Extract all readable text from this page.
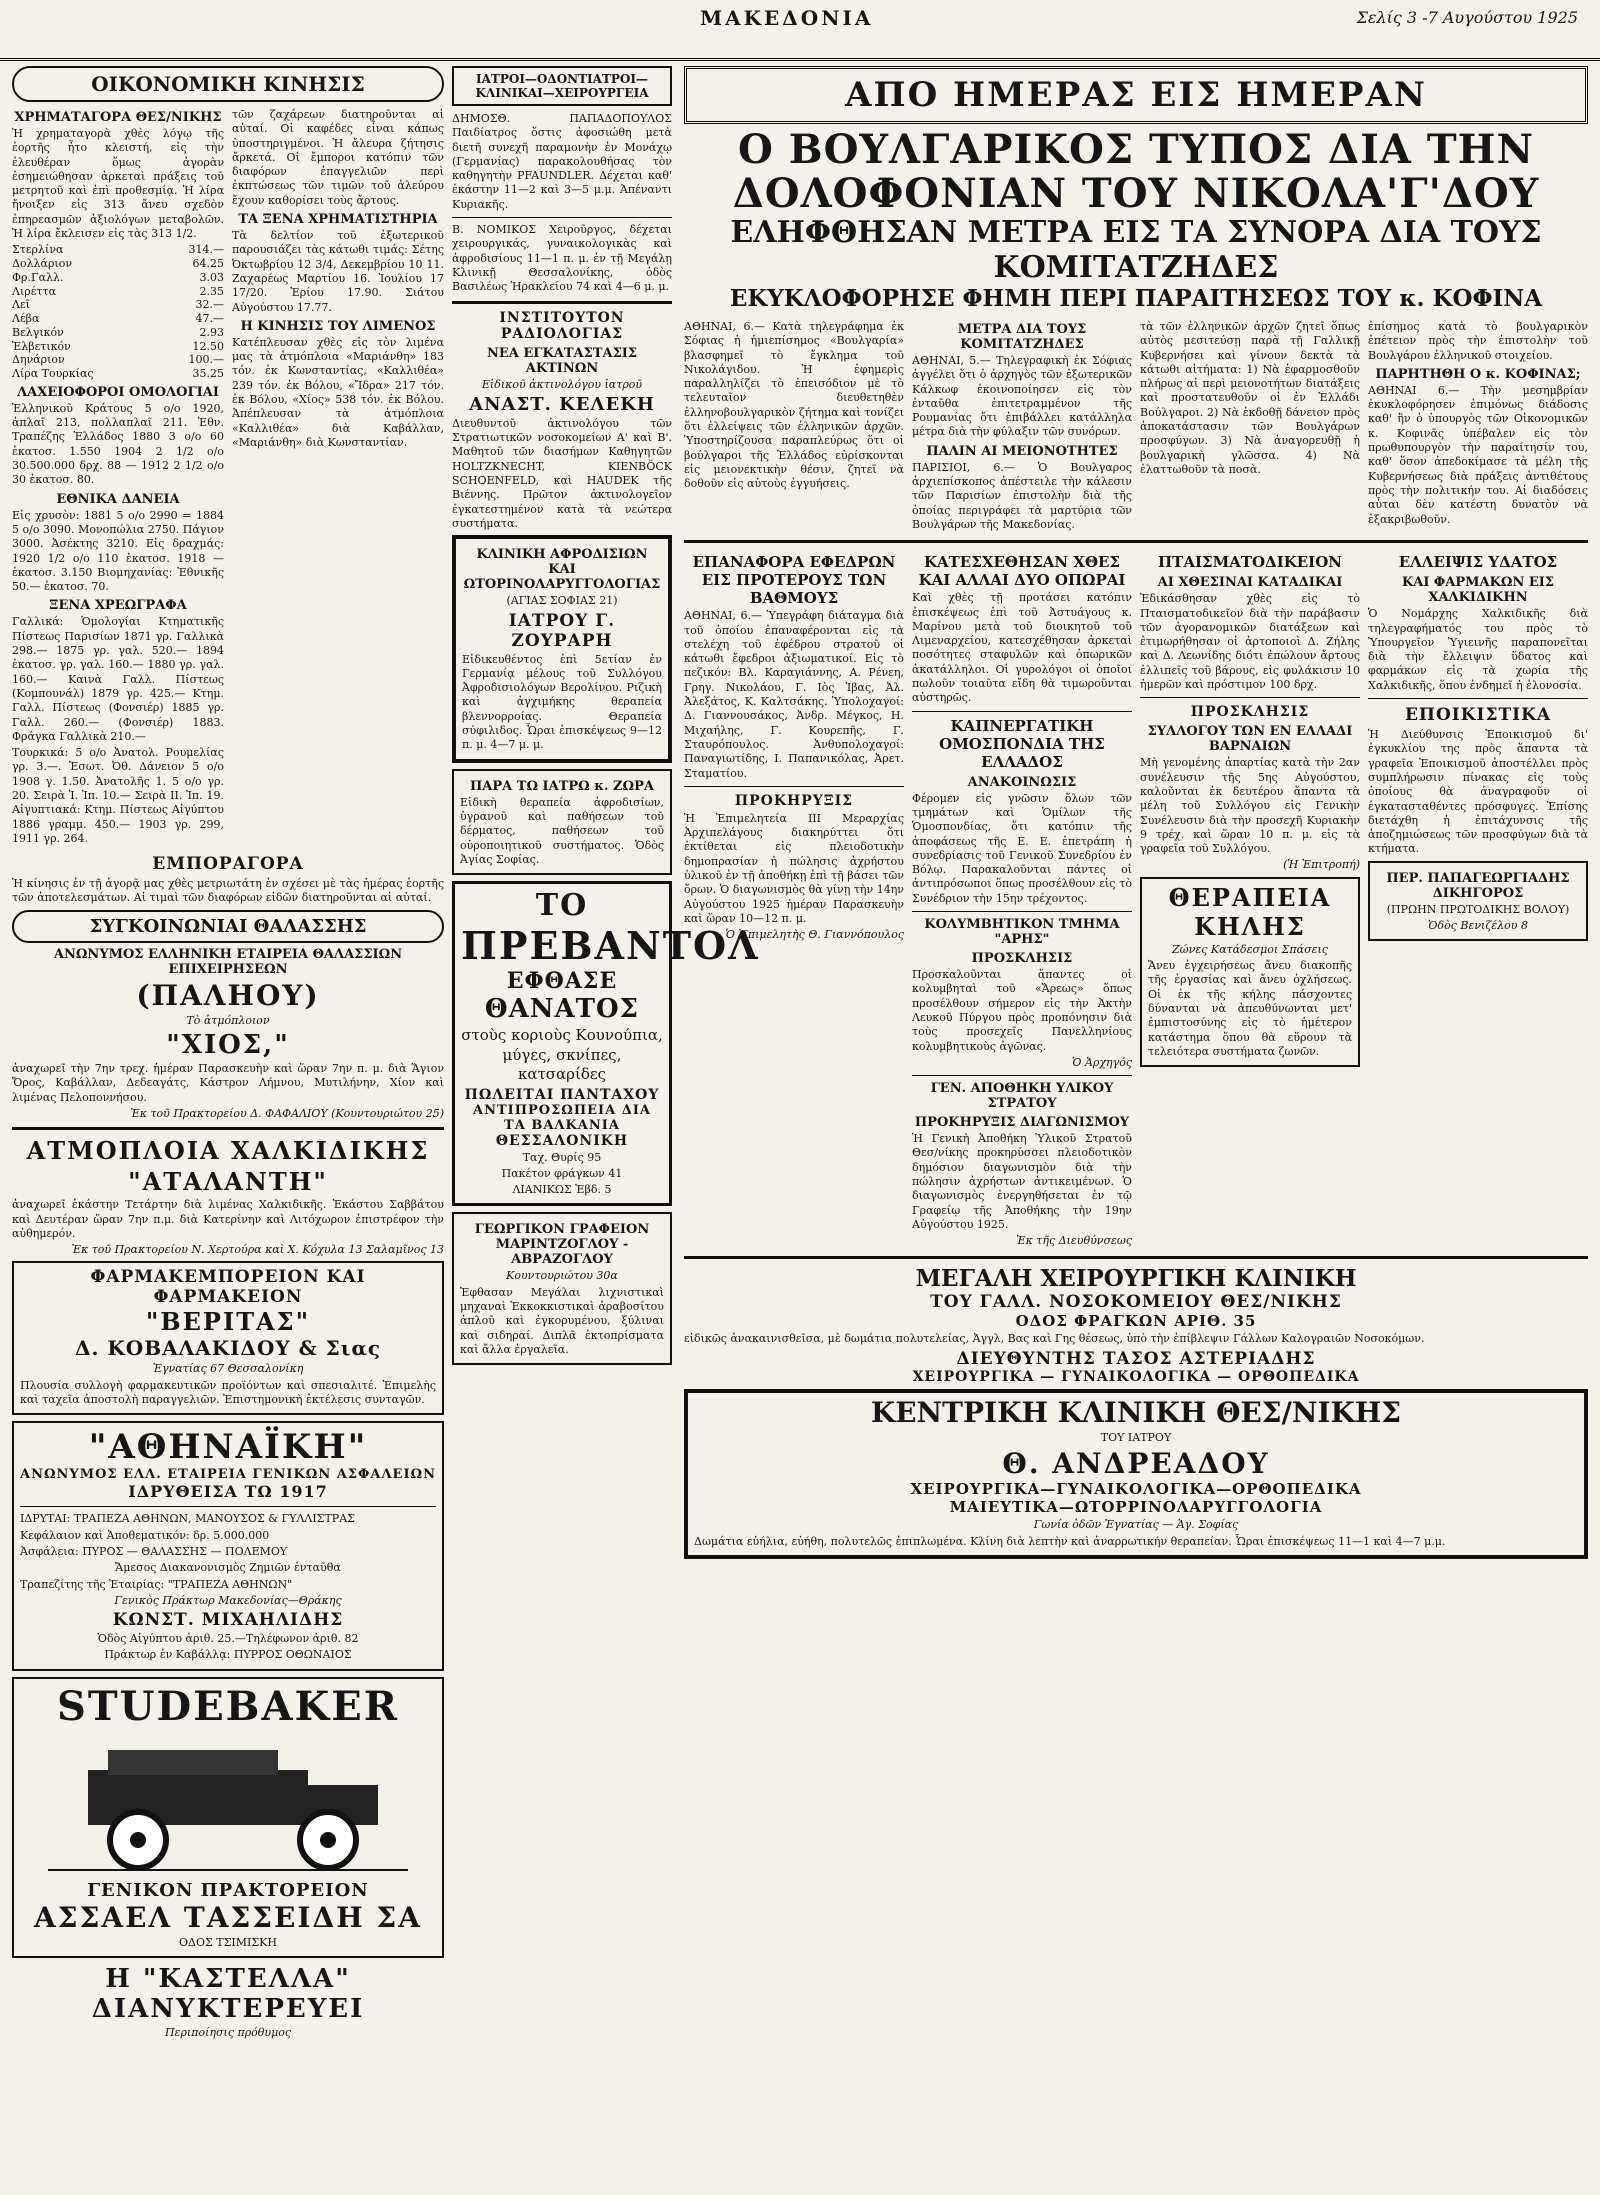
ΜΑΚΕΔΟΝΙΑ	Σελίς 3 -7 Αυγούστου 1925
ΟΙΚΟΝΟΜΙΚΗ ΚΙΝΗΣΙΣ
ΧΡΗΜΑΤΑΓΟΡΑ ΘΕΣ/ΝΙΚΗΣ
Ἡ χρηματαγορὰ χθὲς λόγῳ τῆς ἑορτῆς ἦτο κλειστή, εἰς τὴν ἐλευθέραν ὅμως ἀγορὰν ἐσημειώθησαν ἀρκεταὶ πράξεις τοῦ μετρητοῦ καὶ ἐπὶ προθεσμίᾳ. Ἡ λίρα ἤνοιξεν εἰς 313 ἄνευ σχεδὸν ἐπηρεασμῶν ἀξιολόγων μεταβολῶν. Ἡ λίρα ἔκλεισεν εἰς τὰς 313 1/2.
Στερλίνα	314.—
Δολλάριον	64.25
Φρ.Γαλλ.	3.03
Λιρέττα	2.35
Λεῖ	32.—
Λέβα	47.—
Βελγικόν	2.93
Ἑλβετικόν	12.50
Δηνάριον	100.—
Λίρα Τουρκίας	35.25
ΛΑΧΕΙΟΦΟΡΟΙ ΟΜΟΛΟΓΙΑΙ
Ἑλληνικοῦ Κράτους 5 ο/ο 1920, ἀπλαῖ 213, πολλαπλαῖ 211. Ἐθν. Τραπέζης Ἑλλάδος 1880 3 ο/ο 60 ἑκατοσ. 1.550 1904 2 1/2 ο/ο 30.500.000 δρχ. 88 — 1912 2 1/2 ο/ο 30 ἑκατοσ. 80.
ΕΘΝΙΚΑ ΔΑΝΕΙΑ
Εἰς χρυσὸν: 1881 5 ο/ο 2990 = 1884 5 ο/ο 3090. Μονοπώλια 2750. Πάγιον 3000. Ἀσέκτης 3210. Εἰς δραχμάς: 1920 1/2 ο/ο 110 ἑκατοσ. 1918 — ἑκατοσ. 3.150 Βιομηχανίας: Ἐθνικῆς 50.— ἑκατοσ. 70.
ΞΕΝΑ ΧΡΕΩΓΡΑΦΑ
Γαλλικά: Ὁμολογίαι Κτηματικῆς Πίστεως Παρισίων 1871 γρ. Γαλλικὰ 298.— 1875 γρ. γαλ. 520.— 1894 ἑκατοσ. γρ. γαλ. 160.— 1880 γρ. γαλ. 160.— Καινὰ Γαλλ. Πίστεως (Κομπουνάλ) 1879 γρ. 425.— Κτημ. Γαλλ. Πίστεως (Φονσιέρ) 1885 γρ. Γαλλ. 260.— (Φονσιέρ) 1883. Φράγκα Γαλλικὰ 210.—
Τουρκικά: 5 ο/ο Ἀνατολ. Ρουμελίας γρ. 3.—. Ἑσωτ. Ὀθ. Δάνειον 5 ο/ο 1908 γ. 1.50. Ἀνατολῆς 1. 5 ο/ο γρ. 20. Σειρὰ Ἰ. Ἰπ. 10.— Σειρὰ ΙΙ. Ἰπ. 19. Αἰγυπτιακά: Κτημ. Πίστεως Αἰγύπτου 1886 γραμμ. 450.— 1903 γρ. 299, 1911 γρ. 264.
τῶν ζαχάρεων διατηροῦνται αἱ αὐταί. Οἱ καφέδες εἶναι κάπως ὑποστηριγμένοι. Ἡ ἄλευρα ζήτησις ἄρκετά. Οἱ ἔμποροι κατόπιν τῶν διαφόρων ἐπαγγελιῶν περὶ ἐκπτώσεως τῶν τιμῶν τοῦ ἀλεύρου ἔχουν καθορίσει τοὺς ἄρτους.
ΤΑ ΞΕΝΑ ΧΡΗΜΑΤΙΣΤΗΡΙΑ
Τὰ δελτίον τοῦ ἐξωτερικοῦ παρουσιάζει τὰς κάτωθι τιμάς: Σέτης Ὀκτωβρίου 12 3/4, Δεκεμβρίου 10 11. Ζαχαρέως Μαρτίου 16. Ἰουλίου 17 17/20. Ἐρίου 17.90. Σιάτου Αὐγούστου 17.77.
Η ΚΙΝΗΣΙΣ ΤΟΥ ΛΙΜΕΝΟΣ
Κατέπλευσαν χθὲς εἰς τὸν λιμένα μας τὰ ἀτμόπλοια «Μαριάνθη» 183 τόν. ἐκ Κωνσταντίας, «Καλλιθέα» 239 τόν. ἐκ Βόλου, «Ἴδρα» 217 τόν. ἐκ Βόλου, «Χίος» 538 τόν. ἐκ Βόλου. Ἀπέπλευσαν τὰ ἀτμόπλοια «Καλλιθέα» διὰ Καβάλλαν, «Μαριάνθη» διὰ Κωνσταντίαν.
ΕΜΠΟΡΑΓΟΡΑ
Ἡ κίνησις ἐν τῇ ἀγορᾷ μας χθὲς μετριωτάτη ἐν σχέσει μὲ τὰς ἡμέρας ἑορτῆς τῶν ἀποτελεσμάτων. Αἱ τιμαὶ τῶν διαφόρων εἰδῶν διατηροῦνται αἱ αὐταί.
ΣΥΓΚΟΙΝΩΝΙΑΙ ΘΑΛΑΣΣΗΣ
ΑΝΩΝΥΜΟΣ ΕΛΛΗΝΙΚΗ ΕΤΑΙΡΕΙΑ ΘΑΛΑΣΣΙΩΝ ΕΠΙΧΕΙΡΗΣΕΩΝ
(ΠΑΛΗΟΥ)
Τὸ ἀτμόπλοιον
"ΧΙΟΣ,"
ἀναχωρεῖ τὴν 7ην τρεχ. ἡμέραν Παρασκευὴν καὶ ὥραν 7ην π. μ. διὰ Ἅγιον Ὄρος, Καβάλλαν, Δεδεαγάτς, Κάστρον Λήμνου, Μυτιλήνην, Χίον καὶ λιμένας Πελοποννήσου.
Ἐκ τοῦ Πρακτορείου Δ. ΦΑΦΑΛΙΟΥ (Κουντουριώτου 25)
ΑΤΜΟΠΛΟΙΑ ΧΑΛΚΙΔΙΚΗΣ
"ΑΤΑΛΑΝΤΗ"
ἀναχωρεῖ ἑκάστην Τετάρτην διὰ λιμένας Χαλκιδικῆς. Ἑκάστου Σαββάτου καὶ Δευτέραν ὥραν 7ην π.μ. διὰ Κατερίνην καὶ Λιτόχωρον ἐπιστρέφον τὴν αὐθημερόν.
Ἐκ τοῦ Πρακτορείου Ν. Χερτούρα καὶ Χ. Κόχυλα 13 Σαλαμῖνος 13
ΦΑΡΜΑΚΕΜΠΟΡΕΙΟΝ ΚΑΙ ΦΑΡΜΑΚΕΙΟΝ
"ΒΕΡΙΤΑΣ"
Δ. ΚΟΒΑΛΑΚΙΔΟΥ & Σιας
Ἐγνατίας 67 Θεσσαλονίκη
Πλουσία συλλογὴ φαρμακευτικῶν προϊόντων καὶ σπεσιαλιτέ. Ἐπιμελὴς καὶ ταχεῖα ἀποστολὴ παραγγελιῶν. Ἐπιστημονικὴ ἐκτέλεσις συνταγῶν.
"ΑΘΗΝΑΪΚΗ"
ΑΝΩΝΥΜΟΣ ΕΛΛ. ΕΤΑΙΡΕΙΑ ΓΕΝΙΚΩΝ ΑΣΦΑΛΕΙΩΝ
ΙΔΡΥΘΕΙΣΑ ΤΩ 1917
ΙΔΡΥΤΑΙ: ΤΡΑΠΕΖΑ ΑΘΗΝΩΝ, ΜΑΝΟΥΣΟΣ & ΓΥΛΛΙΣΤΡΑΣ
Κεφάλαιον καὶ Ἀποθεματικόν: δρ. 5.000.000
Ἀσφάλεια: ΠΥΡΟΣ — ΘΑΛΑΣΣΗΣ — ΠΟΛΕΜΟΥ
Ἄμεσος Διακανονισμὸς Ζημιῶν ἐνταῦθα
Τραπεζίτης τῆς Ἑταιρίας: "ΤΡΑΠΕΖΑ ΑΘΗΝΩΝ"
Γενικὸς Πράκτωρ Μακεδονίας—Θράκης
ΚΩΝΣΤ. ΜΙΧΑΗΛΙΔΗΣ
Ὁδὸς Αἰγύπτου ἀριθ. 25.—Τηλέφωνον ἀριθ. 82
Πράκτωρ ἐν Καβάλλᾳ: ΠΥΡΡΟΣ ΟΘΩΝΑΙΟΣ
STUDEBAKER
ΓΕΝΙΚΟΝ ΠΡΑΚΤΟΡΕΙΟΝ
ΑΣΣΑΕΛ ΤΑΣΣΕΙΔΗ ΣΑ
ΟΔΟΣ ΤΣΙΜΙΣΚΗ
Η "ΚΑΣΤΕΛΛΑ" ΔΙΑΝΥΚΤΕΡΕΥΕΙ
Περιποίησις πρόθυμος
ΙΑΤΡΟΙ—ΟΔΟΝΤΙΑΤΡΟΙ—ΚΛΙΝΙΚΑΙ—ΧΕΙΡΟΥΡΓΕΙΑ
ΔΗΜΟΣΘ. ΠΑΠΑΔΟΠΟΥΛΟΣ Παιδίατρος ὅστις ἀφοσιώθη μετὰ διετῆ συνεχῆ παραμονὴν ἐν Μονάχῳ (Γερμανίας) παρακολουθήσας τὸν καθηγητὴν PFAUNDLER. Δέχεται καθ' ἑκάστην 11—2 καὶ 3—5 μ.μ. Ἀπέναντι Κυριακῆς.
Β. ΝΟΜΙΚΟΣ Χειροῦργος, δέχεται χειρουργικάς, γυναικολογικὰς καὶ ἀφροδισίους 11—1 π. μ. ἐν τῇ Μεγάλῃ Κλινικῇ Θεσσαλονίκης, ὁδὸς Βασιλέως Ἡρακλείου 74 καὶ 4—6 μ. μ.
ΙΝΣΤΙΤΟΥΤΟΝ ΡΑΔΙΟΛΟΓΙΑΣ
ΝΕΑ ΕΓΚΑΤΑΣΤΑΣΙΣ ΑΚΤΙΝΩΝ
Εἰδικοῦ ἀκτινολόγου ἰατροῦ
ΑΝΑΣΤ. ΚΕΛΕΚΗ
Διευθυντοῦ ἀκτινολόγου τῶν Στρατιωτικῶν νοσοκομείων Α' καὶ Β'. Μαθητοῦ τῶν διασήμων Καθηγητῶν HOLTZKNECHT, KIENBÖCK SCHOENFELD, καὶ HAUDEK τῆς Βιέννης. Πρῶτον ἀκτινολογεῖον ἐγκατεστημένον κατὰ τὰ νεώτερα συστήματα.
ΚΛΙΝΙΚΗ ΑΦΡΟΔΙΣΙΩΝ ΚΑΙ ΩΤΟΡΙΝΟΛΑΡΥΓΓΟΛΟΓΙΑΣ
(ΑΓΙΑΣ ΣΟΦΙΑΣ 21)
ΙΑΤΡΟΥ Γ. ΖΟΥΡΑΡΗ
Εἰδικευθέντος ἐπὶ 5ετίαν ἐν Γερμανίᾳ μέλους τοῦ Συλλόγου Ἀφροδισιολόγων Βερολίνου. Ριζικὴ καὶ ἀγχιμήκης θεραπεία βλεννορροίας. Θεραπεία σύφιλιδος. Ὧραι ἐπισκέψεως 9—12 π. μ. 4—7 μ. μ.
ΠΑΡΑ ΤΩ ΙΑΤΡΩ κ. ΖΩΡΑ
Εἰδικὴ θεραπεία ἀφροδισίων, ὑγρανοῦ καὶ παθήσεων τοῦ δέρματος, παθήσεων τοῦ οὐροποιητικοῦ συστήματος. Ὁδὸς Ἀγίας Σοφίας.
ΤΟ
ΠΡΕΒΑΝΤΟΛ
ΕΦΘΑΣΕ
ΘΑΝΑΤΟΣ
στοὺς κοριοὺς Κουνούπια, μύγες, σκνίπες, κατσαρίδες
ΠΩΛΕΙΤΑΙ ΠΑΝΤΑΧΟΥ
ΑΝΤΙΠΡΟΣΩΠΕΙΑ ΔΙΑ ΤΑ ΒΑΛΚΑΝΙΑ
ΘΕΣΣΑΛΟΝΙΚΗ
Ταχ. Θυρίς 95
Πακέτον φράγκων 41
ΛΙΑΝΙΚΩΣ Ἑβδ. 5
ΓΕΩΡΓΙΚΟΝ ΓΡΑΦΕΙΟΝ ΜΑΡΙΝΤΖΟΓΛΟΥ - ΑΒΡΑΖΟΓΛΟΥ
Κουντουριώτου 30α
Ἐφθασαν Μεγάλαι λιχνιστικαὶ μηχαναὶ Ἐκκοκκιστικαὶ ἀραβοσίτου ἀπλοῦ καὶ ἐγκορυμένου, ξύλιναι καὶ σιδηραί. Διπλᾶ ἐκτοπρίσματα καὶ ἄλλα ἐργαλεῖα.
ΑΠΟ ΗΜΕΡΑΣ ΕΙΣ ΗΜΕΡΑΝ
Ο ΒΟΥΛΓΑΡΙΚΟΣ ΤΥΠΟΣ ΔΙΑ ΤΗΝ ΔΟΛΟΦΟΝΙΑΝ ΤΟΥ ΝΙΚΟΛΑ'Γ'ΔΟΥ
ΕΛΗΦΘΗΣΑΝ ΜΕΤΡΑ ΕΙΣ ΤΑ ΣΥΝΟΡΑ ΔΙΑ ΤΟΥΣ ΚΟΜΙΤΑΤΖΗΔΕΣ
ΕΚΥΚΛΟΦΟΡΗΣΕ ΦΗΜΗ ΠΕΡΙ ΠΑΡΑΙΤΗΣΕΩΣ ΤΟΥ κ. ΚΟΦΙΝΑ
ΑΘΗΝΑΙ, 6.— Κατὰ τηλεγράφημα ἐκ Σόφιας ἡ ἡμιεπίσημος «Βουλγαρία» βλασφημεῖ τὸ ἔγκλημα τοῦ Νικολάγιδου. Ἡ ἐφημερὶς παραλληλίζει τὸ ἐπεισόδιον μὲ τὸ τελευταῖον διευθετηθὲν ἑλληνοβουλγαρικὸν ζήτημα καὶ τονίζει ὅτι ἐλλείψεις τῶν ἑλληνικῶν ἀρχῶν. Ὑποστηρίζουσα παραπλεύρως ὅτι οἱ βούλγαροι τῆς Ἑλλάδος εὑρίσκονται εἰς μειονεκτικὴν θέσιν, ζητεῖ νὰ δοθοῦν εἰς αὐτοὺς ἐγγυήσεις.
ΜΕΤΡΑ ΔΙΑ ΤΟΥΣ ΚΟΜΙΤΑΤΖΗΔΕΣ
ΑΘΗΝΑΙ, 5.— Τηλεγραφικὴ ἐκ Σόφιας ἀγγέλει ὅτι ὁ ἀρχηγὸς τῶν ἐξωτερικῶν Κάλκωφ ἐκοινοποίησεν εἰς τὸν ἐνταῦθα ἐπιτετραμμένον τῆς Ρουμανίας ὅτι ἐπιβάλλει κατάλληλα μέτρα διὰ τὴν φύλαξιν τῶν συνόρων.
ΠΑΛΙΝ ΑΙ ΜΕΙΟΝΟΤΗΤΕΣ
ΠΑΡΙΣΙΟΙ, 6.— Ὁ Βουλγαρος ἀρχιεπίσκοπος ἀπέστειλε τὴν κάλεσιν τῶν Παρισίων ἐπιστολὴν διὰ τῆς ὁποίας περιγράφει τὰ μαρτύρια τῶν Βουλγάρων τῆς Μακεδονίας.
τὰ τῶν ἑλληνικῶν ἀρχῶν ζητεῖ ὅπως αὐτὸς μεσιτεύσῃ παρὰ τῇ Γαλλικῇ Κυβερνήσει καὶ γίνουν δεκτὰ τὰ κάτωθι αἰτήματα: 1) Νὰ ἐφαρμοσθοῦν πλήρως αἱ περὶ μειονοτήτων διατάξεις καὶ προστατευθοῦν οἱ ἐν Ἑλλάδι Βούλγαροι. 2) Νὰ ἐκδοθῇ δάνειον πρὸς ἀποκατάστασιν τῶν Βουλγάρων προσφύγων. 3) Νὰ ἀναγορευθῇ ἡ βουλγαρικὴ γλῶσσα. 4) Νὰ ἐλαττωθοῦν τὰ ποσὰ.
ἐπίσημος κατὰ τὸ βουλγαρικὸν ἐπέτειον πρὸς τὴν ἐπιστολὴν τοῦ Βουλγάρου ἐλληνικοῦ στοιχείου.
ΠΑΡΗΤΗΘΗ Ο κ. ΚΟΦΙΝΑΣ;
ΑΘΗΝΑΙ 6.— Τὴν μεσημβρίαν ἐκυκλοφόρησεν ἐπιμόνως διάδοσις καθ' ἣν ὁ ὑπουργὸς τῶν Οἰκονομικῶν κ. Κοφινᾶς ὑπέβαλεν εἰς τὸν πρωθυπουργὸν τὴν παραίτησίν του, καθ' ὅσον ἀπεδοκίμασε τὰ μέλη τῆς Κυβερνήσεως διὰ πράξεις ἀντιθέτους πρὸς τὴν πολιτικήν του. Αἱ διαδόσεις αὗται δὲν κατέστη δυνατὸν νὰ ἐξακριβωθοῦν.
ΕΠΑΝΑΦΟΡΑ ΕΦΕΔΡΩΝ ΕΙΣ ΠΡΟΤΕΡΟΥΣ ΤΩΝ ΒΑΘΜΟΥΣ
ΑΘΗΝΑΙ, 6.— Ὑπεγράφη διάταγμα διὰ τοῦ ὁποίου ἐπαναφέρονται εἰς τὰ στελέχη τοῦ ἐφέδρου στρατοῦ οἱ κάτωθι ἔφεδροι ἀξιωματικοί. Εἰς τὸ πεζικόν: Βλ. Καραγιάννης, Α. Ρένεη, Γρηγ. Νικολάου, Γ. Ιὸς Ἰβας, Ἀλ. Ἀλεξάτος, Κ. Καλτσάκης. Ὑπολοχαγοί: Δ. Γιαννουσάκος, Ἀνδρ. Μέγκος, Η. Μιχαήλης, Γ. Κουρεπῆς, Γ. Σταυρόπουλος. Ἀνθυπολοχαγοί: Παναγιωτίδης, Ι. Παπανικόλας, Ἀρετ. Σταματίου.
ΠΡΟΚΗΡΥΞΙΣ
Ἡ Ἐπιμελητεία ΙΙΙ Μεραρχίας Ἀρχιπελάγους διακηρύττει ὅτι ἐκτίθεται εἰς πλειοδοτικὴν δημοπρασίαν ἡ πώλησις ἀχρήστου ὑλικοῦ ἐν τῇ ἀποθήκῃ ἐπὶ τῇ βάσει τῶν ὅρων. Ὁ διαγωνισμὸς θὰ γίνῃ τὴν 14ην Αὐγούστου 1925 ἡμέραν Παρασκευὴν καὶ ὥραν 10—12 π. μ.
Ὁ Ἐπιμελητὴς Θ. Γιαννόπουλος
ΚΑΤΕΣΧΕΘΗΣΑΝ ΧΘΕΣ ΚΑΙ ΑΛΛΑΙ ΔΥΟ ΟΠΩΡΑΙ
Καὶ χθὲς τῇ προτάσει κατόπιν ἐπισκέψεως ἐπὶ τοῦ Ἀστυάγους κ. Μαρίνου μετὰ τοῦ διοικητοῦ τοῦ Λιμεναρχείου, κατεσχέθησαν ἀρκεταὶ ποσότητες σταφυλῶν καὶ ὀπωρικῶν ἀκατάλληλοι. Οἱ γυρολόγοι οἱ ὁποῖοι πωλοῦν τοιαῦτα εἴδη θὰ τιμωροῦνται αὐστηρῶς.
ΚΑΠΝΕΡΓΑΤΙΚΗ ΟΜΟΣΠΟΝΔΙΑ ΤΗΣ ΕΛΛΑΔΟΣ
ΑΝΑΚΟΙΝΩΣΙΣ
Φέρομεν εἰς γνῶσιν ὅλων τῶν τμημάτων καὶ Ὁμίλων τῆς Ὁμοσπονδίας, ὅτι κατόπιν τῆς ἀποφάσεως τῆς Ε. Ε. ἐπετράπη ἡ συνεδρίασις τοῦ Γενικοῦ Συνεδρίου ἐν Βόλῳ. Παρακαλοῦνται πάντες οἱ ἀντιπρόσωποι ὅπως προσέλθουν εἰς τὸ Συνέδριον τὴν 15ην τρέχοντος.
ΚΟΛΥΜΒΗΤΙΚΟΝ ΤΜΗΜΑ "ΑΡΗΣ"
ΠΡΟΣΚΛΗΣΙΣ
Προσκαλοῦνται ἅπαντες οἱ κολυμβηταὶ τοῦ «Ἄρεως» ὅπως προσέλθουν σήμερον εἰς τὴν Ἀκτὴν Λευκοῦ Πύργου πρὸς προπόνησιν διὰ τοὺς προσεχεῖς Πανελληνίους κολυμβητικοὺς ἀγῶνας.
Ὁ Ἀρχηγός
ΓΕΝ. ΑΠΟΘΗΚΗ ΥΛΙΚΟΥ ΣΤΡΑΤΟΥ
ΠΡΟΚΗΡΥΞΙΣ ΔΙΑΓΩΝΙΣΜΟΥ
Ἡ Γενικὴ Ἀποθήκη Ὑλικοῦ Στρατοῦ Θεσ/νίκης προκηρύσσει πλειοδοτικὸν δημόσιον διαγωνισμὸν διὰ τὴν πώλησιν ἀχρήστων ἀντικειμένων. Ὁ διαγωνισμὸς ἐνεργηθήσεται ἐν τῷ Γραφείῳ τῆς Ἀποθήκης τὴν 19ην Αὐγούστου 1925.
Ἐκ τῆς Διευθύνσεως
ΠΤΑΙΣΜΑΤΟΔΙΚΕΙΟΝ
ΑΙ ΧΘΕΣΙΝΑΙ ΚΑΤΑΔΙΚΑΙ
Ἐδικάσθησαν χθὲς εἰς τὸ Πταισματοδικεῖον διὰ τὴν παράβασιν τῶν ἀγορανομικῶν διατάξεων καὶ ἐτιμωρήθησαν οἱ ἀρτοποιοὶ Δ. Ζήλης καὶ Δ. Λεωνίδης διότι ἐπώλουν ἄρτους ἐλλιπεῖς τοῦ βάρους, εἰς φυλάκισιν 10 ἡμερῶν καὶ πρόστιμον 100 δρχ.
ΠΡΟΣΚΛΗΣΙΣ
ΣΥΛΛΟΓΟΥ ΤΩΝ ΕΝ ΕΛΛΑΔΙ ΒΑΡΝΑΙΩΝ
Μὴ γενομένης ἀπαρτίας κατὰ τὴν 2αν συνέλευσιν τῆς 5ης Αὐγούστου, καλοῦνται ἐκ δευτέρου ἅπαντα τὰ μέλη τοῦ Συλλόγου εἰς Γενικὴν Συνέλευσιν διὰ τὴν προσεχῆ Κυριακὴν 9 τρέχ. καὶ ὥραν 10 π. μ. εἰς τὰ γραφεῖα τοῦ Συλλόγου.
(Ἡ Ἐπιτροπή)
ΘΕΡΑΠΕΙΑ ΚΗΛΗΣ
Ζώνες Κατάδεσμοι Σπάσεις
Ἄνευ ἐγχειρήσεως ἄνευ διακοπῆς τῆς ἐργασίας καὶ ἄνευ ὀχλήσεως. Οἱ ἐκ τῆς κήλης πάσχοντες δύνανται νὰ ἀπευθύνωνται μετ' ἐμπιστοσύνης εἰς τὸ ἡμέτερον κατάστημα ὅπου θὰ εὕρουν τὰ τελειότερα συστήματα ζωνῶν.
ΕΛΛΕΙΨΙΣ ΥΔΑΤΟΣ
ΚΑΙ ΦΑΡΜΑΚΩΝ ΕΙΣ ΧΑΛΚΙΔΙΚΗΝ
Ὁ Νομάρχης Χαλκιδικῆς διὰ τηλεγραφήματός του πρὸς τὸ Ὑπουργεῖον Ὑγιεινῆς παραπονεῖται διὰ τὴν ἔλλειψιν ὕδατος καὶ φαρμάκων εἰς τὰ χωρία τῆς Χαλκιδικῆς, ὅπου ἐνδημεῖ ἡ ἐλονοσία.
ΕΠΟΙΚΙΣΤΙΚΑ
Ἡ Διεύθυνσις Ἐποικισμοῦ δι' ἐγκυκλίου της πρὸς ἅπαντα τὰ γραφεῖα Ἐποικισμοῦ ἀποστέλλει πρὸς συμπλήρωσιν πίνακας εἰς τοὺς ὁποίους θὰ ἀναγραφοῦν οἱ ἐγκατασταθέντες πρόσφυγες. Ἐπίσης διετάχθη ἡ ἐπιτάχυνσις τῆς ἀποζημιώσεως τῶν προσφύγων διὰ τὰ κτήματα.
ΠΕΡ. ΠΑΠΑΓΕΩΡΓΙΑΔΗΣ ΔΙΚΗΓΟΡΟΣ
(ΠΡΩΗΝ ΠΡΩΤΟΔΙΚΗΣ ΒΟΛΟΥ)
Ὁδὸς Βενιζέλου 8
ΜΕΓΑΛΗ ΧΕΙΡΟΥΡΓΙΚΗ ΚΛΙΝΙΚΗ
ΤΟΥ ΓΑΛΛ. ΝΟΣΟΚΟΜΕΙΟΥ ΘΕΣ/ΝΙΚΗΣ
ΟΔΟΣ ΦΡΑΓΚΩΝ ΑΡΙΘ. 35
εἰδικῶς ἀνακαινισθεῖσα, μὲ δωμάτια πολυτελείας, Ἀγγλ, Βας καὶ Γης θέσεως, ὑπὸ τὴν ἐπίβλεψιν Γάλλων Καλογραιῶν Νοσοκόμων.
ΔΙΕΥΘΥΝΤΗΣ ΤΑΣΟΣ ΑΣΤΕΡΙΑΔΗΣ
ΧΕΙΡΟΥΡΓΙΚΑ — ΓΥΝΑΙΚΟΛΟΓΙΚΑ — ΟΡΘΟΠΕΔΙΚΑ
ΚΕΝΤΡΙΚΗ ΚΛΙΝΙΚΗ ΘΕΣ/ΝΙΚΗΣ
ΤΟΥ ΙΑΤΡΟΥ
Θ. ΑΝΔΡΕΑΔΟΥ
ΧΕΙΡΟΥΡΓΙΚΑ—ΓΥΝΑΙΚΟΛΟΓΙΚΑ—ΟΡΘΟΠΕΔΙΚΑ
ΜΑΙΕΥΤΙΚΑ—ΩΤΟΡΡΙΝΟΛΑΡΥΓΓΟΛΟΓΙΑ
Γωνία ὁδῶν Ἐγνατίας — Ἁγ. Σοφίας
Δωμάτια εὐήλια, εὐήθη, πολυτελῶς ἐπιπλωμένα. Κλίνη διὰ λεπτὴν καὶ ἀναρρωτικήν θεραπείαν. Ὧραι ἐπισκέψεως 11—1 καὶ 4—7 μ.μ.
